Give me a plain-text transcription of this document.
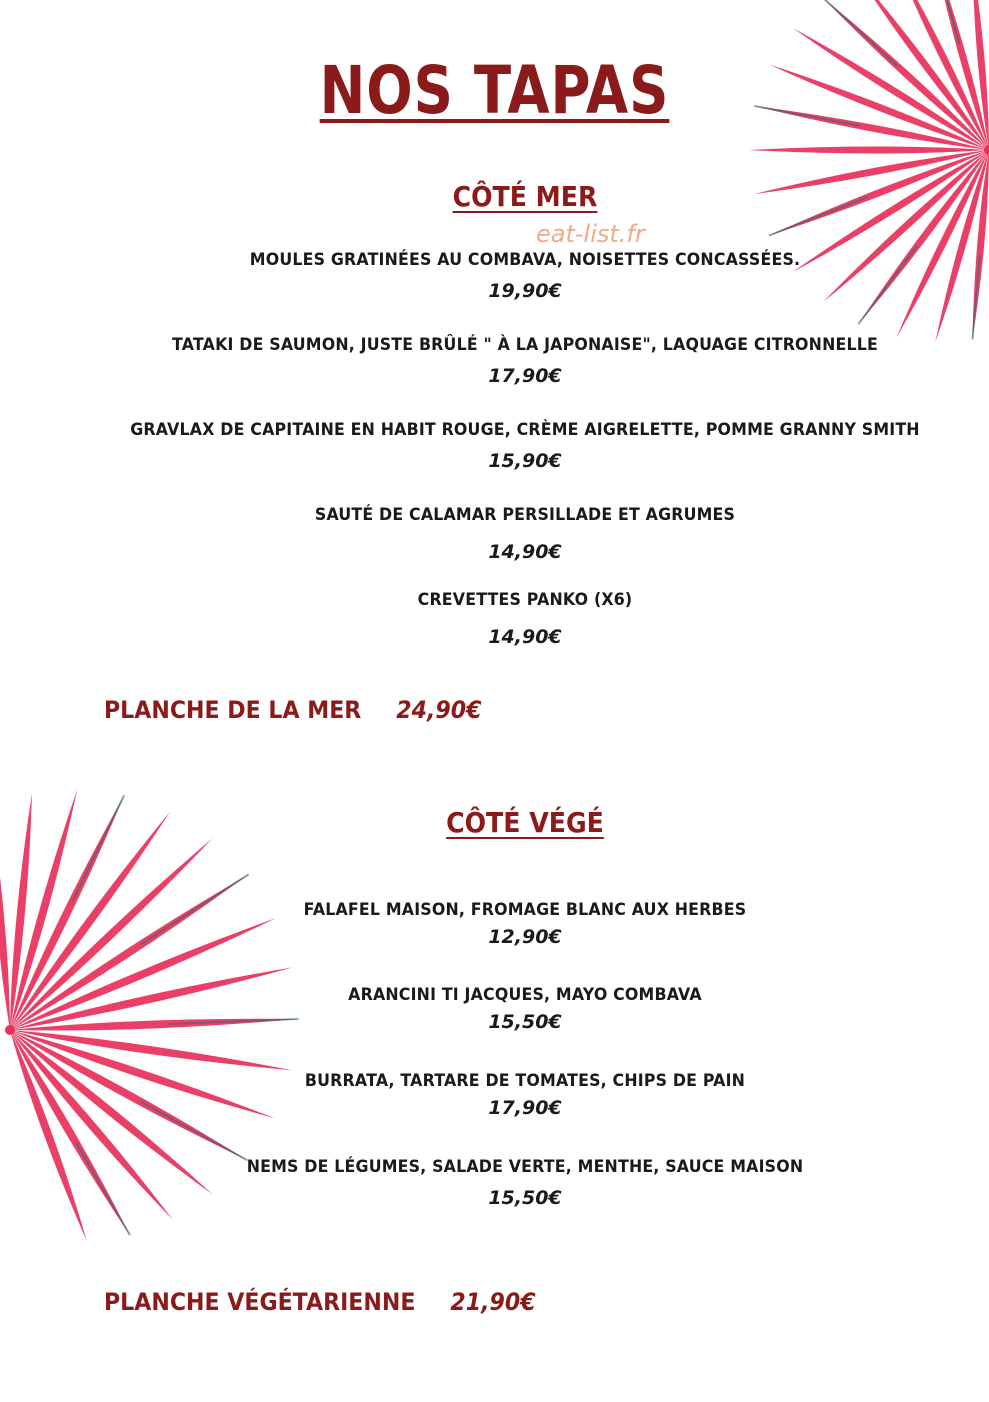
NOS TAPAS
eat-list.fr
CÔTÉ MER
MOULES GRATINÉES AU COMBAVA, NOISETTES CONCASSÉES.
19,90€
TATAKI DE SAUMON, JUSTE BRÛLÉ " À LA JAPONAISE", LAQUAGE CITRONNELLE
17,90€
GRAVLAX DE CAPITAINE EN HABIT ROUGE, CRÈME AIGRELETTE, POMME GRANNY SMITH
15,90€
SAUTÉ DE CALAMAR PERSILLADE ET AGRUMES
14,90€
CREVETTES PANKO (X6)
14,90€
PLANCHE DE LA MER 24,90€
CÔTÉ VÉGÉ
FALAFEL MAISON, FROMAGE BLANC AUX HERBES
12,90€
ARANCINI TI JACQUES, MAYO COMBAVA
15,50€
BURRATA, TARTARE DE TOMATES, CHIPS DE PAIN
17,90€
NEMS DE LÉGUMES, SALADE VERTE, MENTHE, SAUCE MAISON
15,50€
PLANCHE VÉGÉTARIENNE 21,90€
